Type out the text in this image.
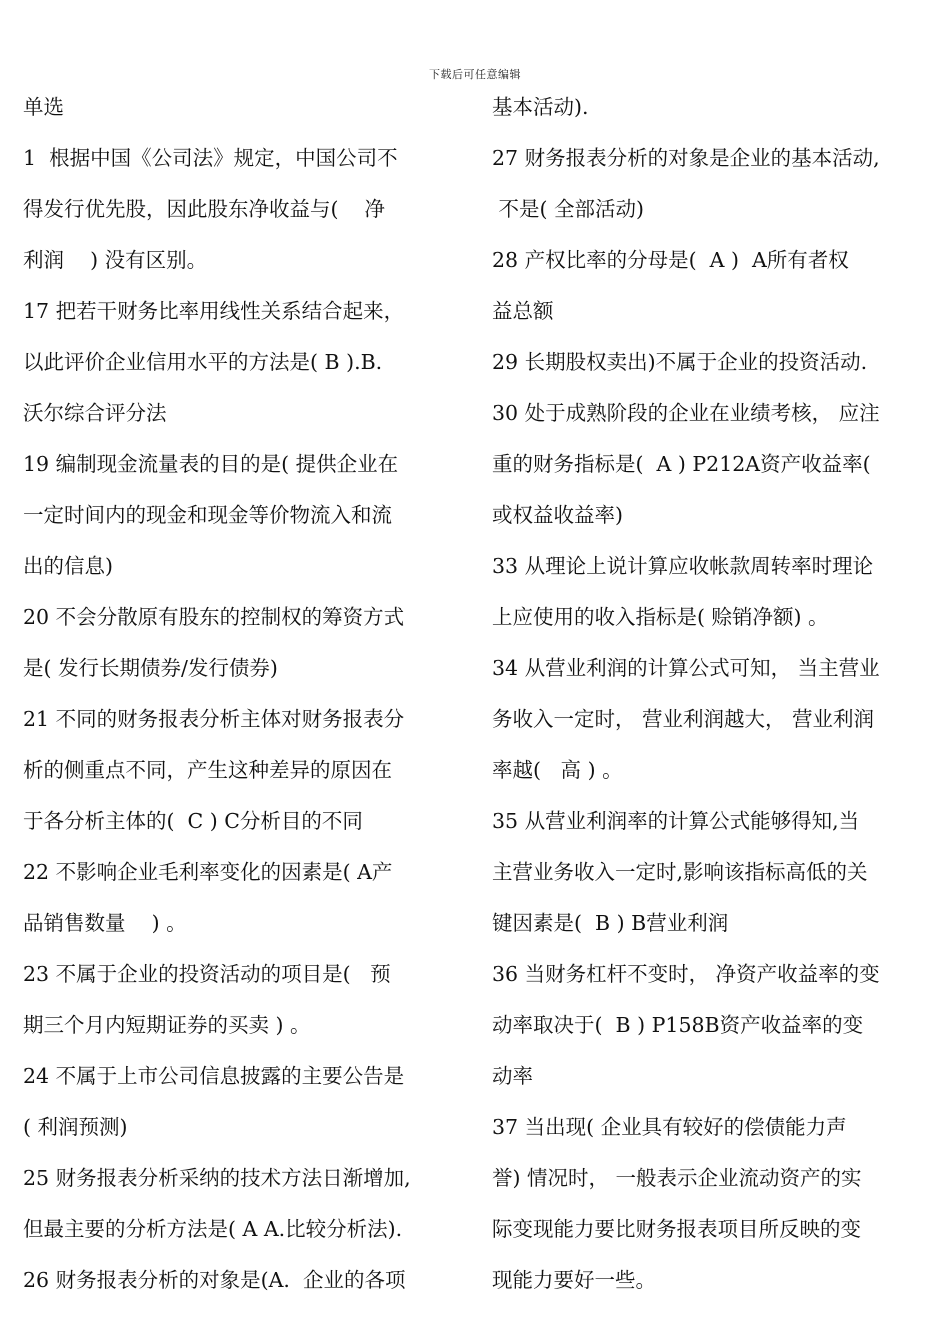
下载后可任意编辑
单选
1  根据中国《公司法》规定，中国公司不
得发行优先股，因此股东净收益与(    净
利润    ) 没有区别。
17 把若干财务比率用线性关系结合起来，
以此评价企业信用水平的方法是( B ).B.
沃尔综合评分法
19 编制现金流量表的目的是( 提供企业在
一定时间内的现金和现金等价物流入和流
出的信息)
20 不会分散原有股东的控制权的筹资方式
是( 发行长期债券/发行债券)
21 不同的财务报表分析主体对财务报表分
析的侧重点不同，产生这种差异的原因在
于各分析主体的(  C ) C分析目的不同
22 不影响企业毛利率变化的因素是( A产
品销售数量    ) 。
23 不属于企业的投资活动的项目是(   预
期三个月内短期证券的买卖 ) 。
24 不属于上市公司信息披露的主要公告是
( 利润预测)
25 财务报表分析采纳的技术方法日渐增加,
但最主要的分析方法是( A A.比较分析法).
26 财务报表分析的对象是(A.  企业的各项
基本活动).
27 财务报表分析的对象是企业的基本活动,
不是( 全部活动)
28 产权比率的分母是(  A )  A所有者权
益总额
29 长期股权卖出)不属于企业的投资活动.
30 处于成熟阶段的企业在业绩考核， 应注
重的财务指标是(  A ) P212A资产收益率(
或权益收益率)
33 从理论上说计算应收帐款周转率时理论
上应使用的收入指标是( 赊销净额) 。
34 从营业利润的计算公式可知， 当主营业
务收入一定时， 营业利润越大， 营业利润
率越(   高 ) 。
35 从营业利润率的计算公式能够得知,当
主营业务收入一定时,影响该指标高低的关
键因素是(  B ) B营业利润
36 当财务杠杆不变时， 净资产收益率的变
动率取决于(  B ) P158B资产收益率的变
动率
37 当出现( 企业具有较好的偿债能力声
誉) 情况时， 一般表示企业流动资产的实
际变现能力要比财务报表项目所反映的变
现能力要好一些。
